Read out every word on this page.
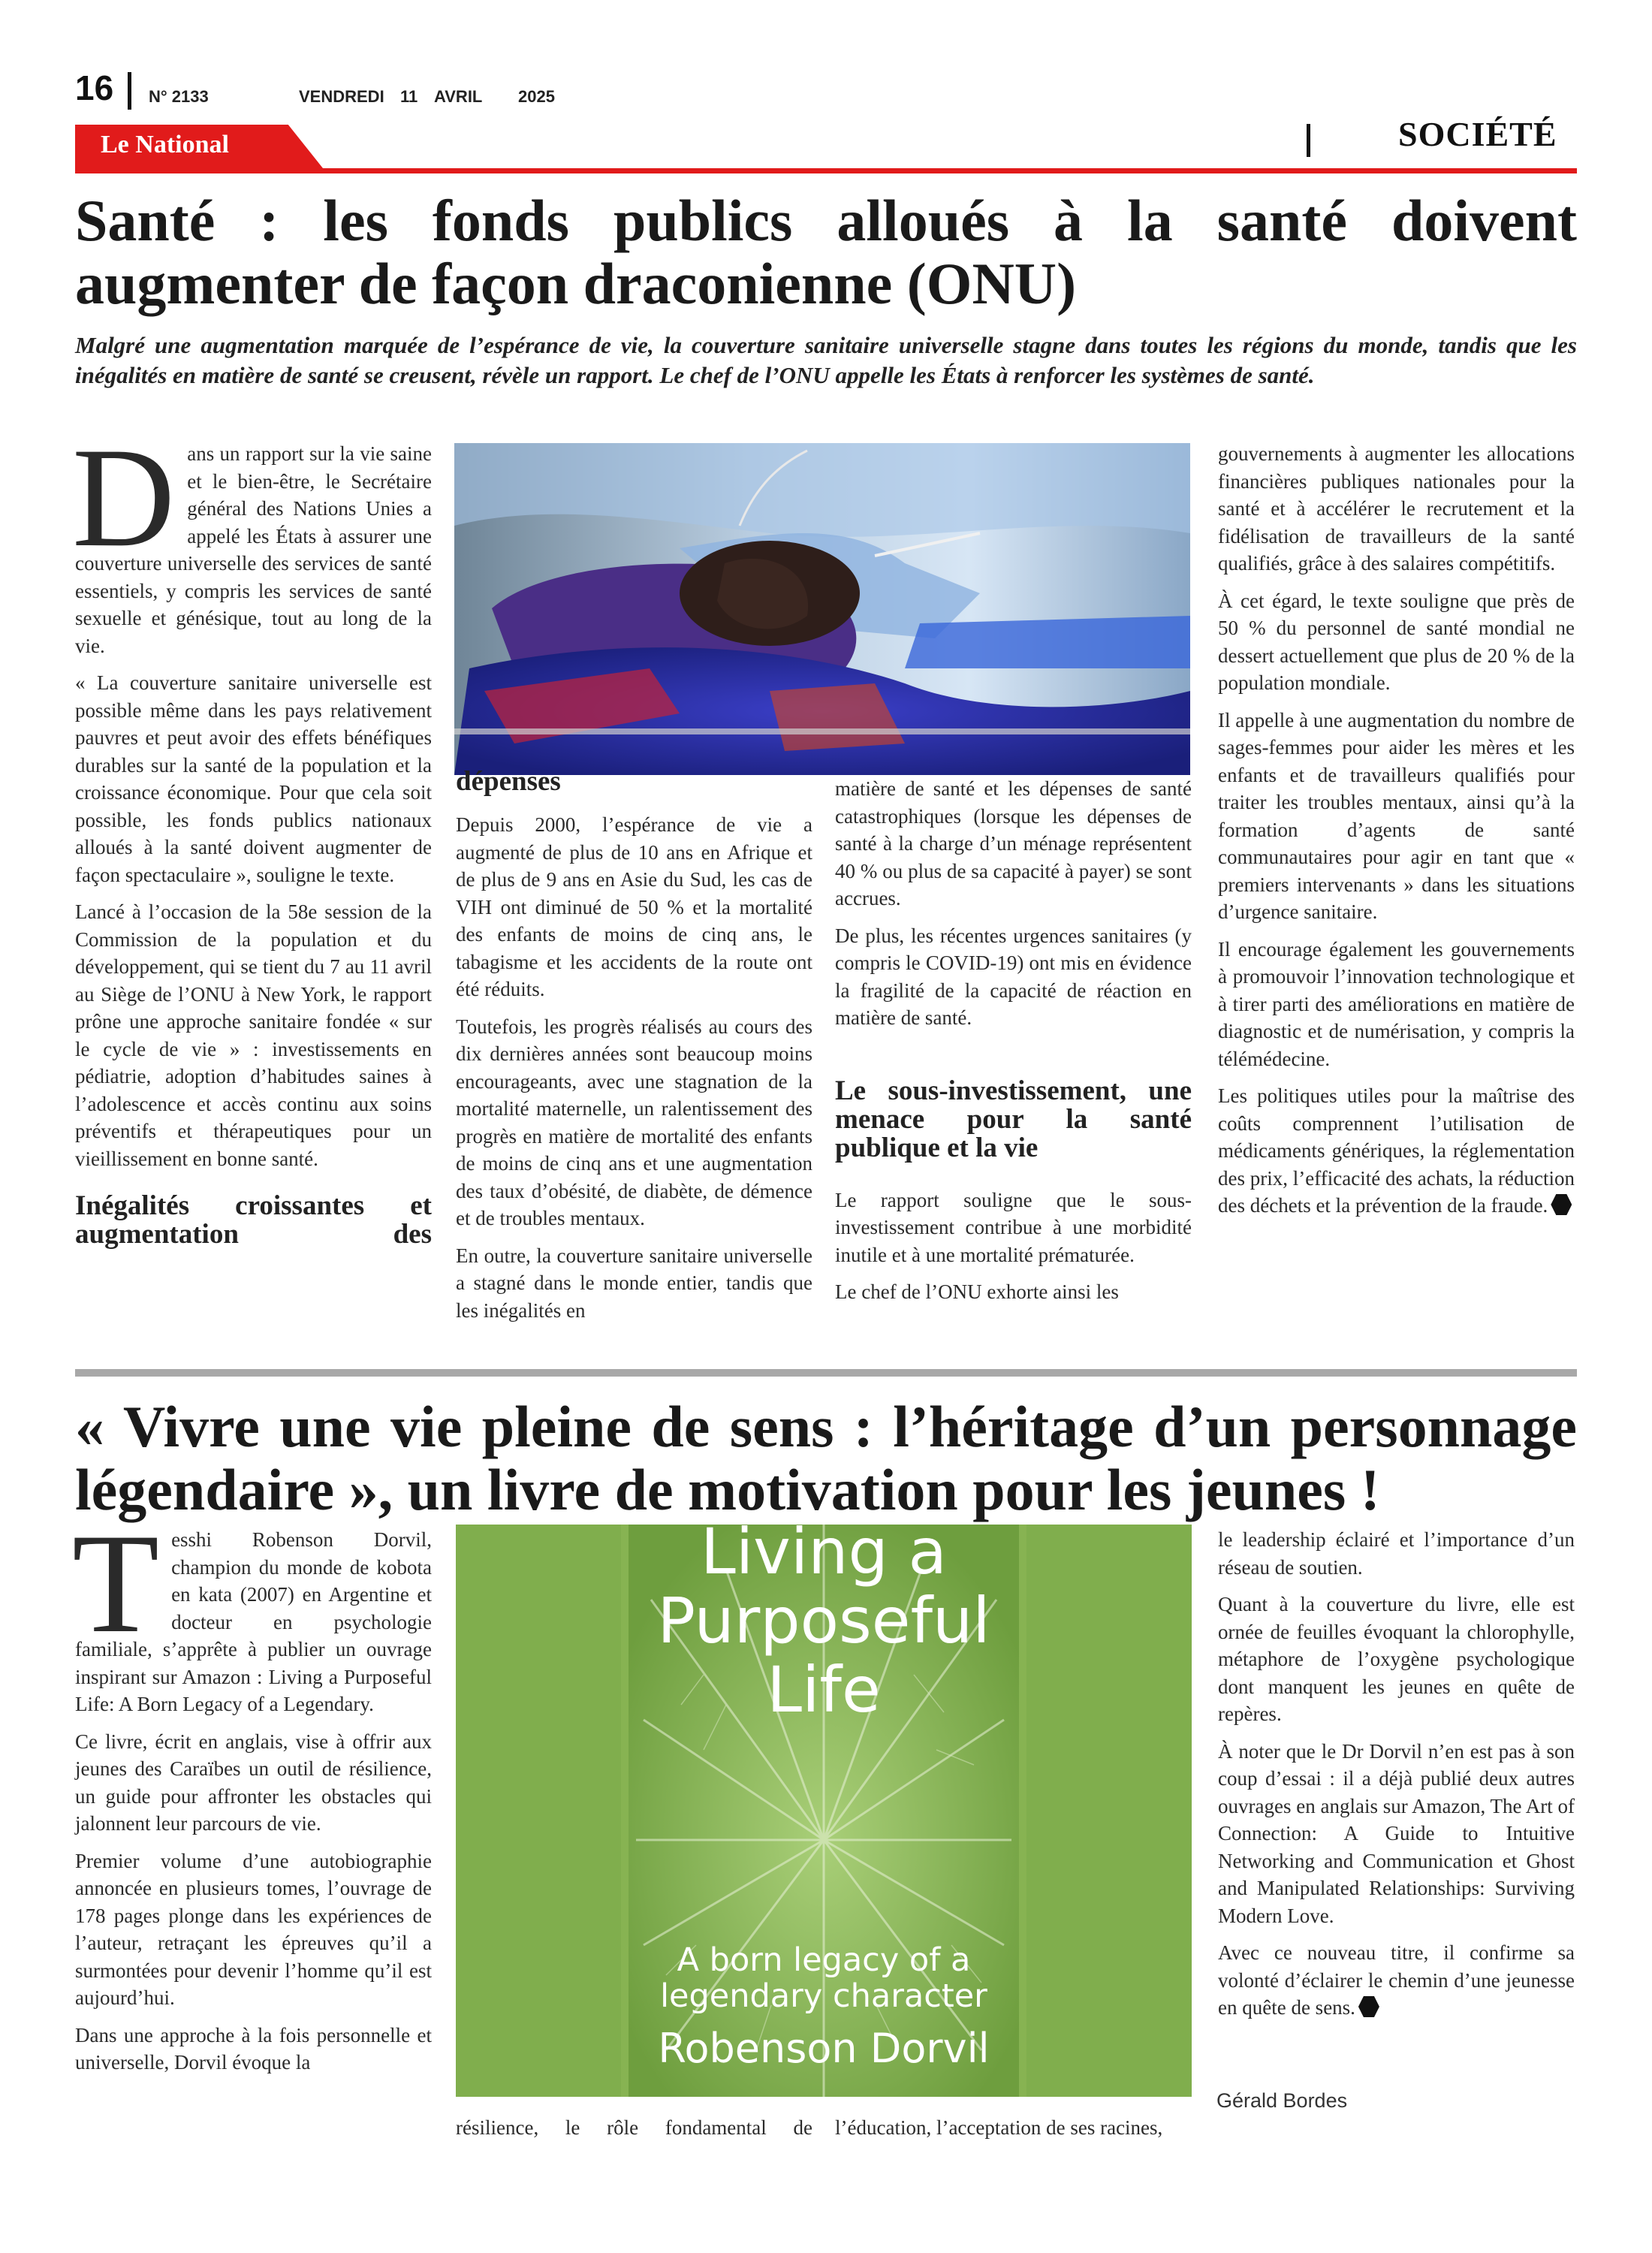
16 N° 2133	VENDREDI 11 AVRIL 2025
Le National	SOCIÉTÉ
Santé : les fonds publics alloués à la santé doivent augmenter de façon draconienne (ONU)
Malgré une augmentation marquée de l’espérance de vie, la couverture sanitaire universelle stagne dans toutes les régions du monde, tandis que les inégalités en matière de santé se creusent, révèle un rapport. Le chef de l’ONU appelle les États à renforcer les systèmes de santé.

Dans un rapport sur la vie saine et le bien-être, le Secrétaire général des Nations Unies a appelé les États à assurer une couverture universelle des services de santé essentiels, y compris les services de santé sexuelle et génésique, tout au long de la vie.

« La couverture sanitaire universelle est possible même dans les pays relativement pauvres et peut avoir des effets bénéfiques durables sur la santé de la population et la croissance économique. Pour que cela soit possible, les fonds publics nationaux alloués à la santé doivent augmenter de façon spectaculaire », souligne le texte.

Lancé à l’occasion de la 58e session de la Commission de la population et du développement, qui se tient du 7 au 11 avril au Siège de l’ONU à New York, le rapport prône une approche sanitaire fondée « sur le cycle de vie » : investissements en pédiatrie, adoption d’habitudes saines à l’adolescence et accès continu aux soins préventifs et thérapeutiques pour un vieillissement en bonne santé.

Inégalités croissantes et augmentation des
dépenses

Depuis 2000, l’espérance de vie a augmenté de plus de 10 ans en Afrique et de plus de 9 ans en Asie du Sud, les cas de VIH ont diminué de 50 % et la mortalité des enfants de moins de cinq ans, le tabagisme et les accidents de la route ont été réduits.

Toutefois, les progrès réalisés au cours des dix dernières années sont beaucoup moins encourageants, avec une stagnation de la mortalité maternelle, un ralentissement des progrès en matière de mortalité des enfants de moins de cinq ans et une augmentation des taux d’obésité, de diabète, de démence et de troubles mentaux.

En outre, la couverture sanitaire universelle a stagné dans le monde entier, tandis que les inégalités en

matière de santé et les dépenses de santé catastrophiques (lorsque les dépenses de santé à la charge d’un ménage représentent 40 % ou plus de sa capacité à payer) se sont accrues.

De plus, les récentes urgences sanitaires (y compris le COVID-19) ont mis en évidence la fragilité de la capacité de réaction en matière de santé.

Le sous-investissement, une menace pour la santé publique et la vie

Le rapport souligne que le sous-investissement contribue à une morbidité inutile et à une mortalité prématurée.

Le chef de l’ONU exhorte ainsi les

gouvernements à augmenter les allocations financières publiques nationales pour la santé et à accélérer le recrutement et la fidélisation de travailleurs de la santé qualifiés, grâce à des salaires compétitifs.

À cet égard, le texte souligne que près de 50 % du personnel de santé mondial ne dessert actuellement que plus de 20 % de la population mondiale.

Il appelle à une augmentation du nombre de sages-femmes pour aider les mères et les enfants et de travailleurs qualifiés pour traiter les troubles mentaux, ainsi qu’à la formation d’agents de santé communautaires pour agir en tant que « premiers intervenants » dans les situations d’urgence sanitaire.

Il encourage également les gouvernements à promouvoir l’innovation technologique et à tirer parti des améliorations en matière de diagnostic et de numérisation, y compris la télémédecine.

Les politiques utiles pour la maîtrise des coûts comprennent l’utilisation de médicaments génériques, la réglementation des prix, l’efficacité des achats, la réduction des déchets et la prévention de la fraude.

« Vivre une vie pleine de sens : l’héritage d’un personnage légendaire », un livre de motivation pour les jeunes !

Tesshi Robenson Dorvil, champion du monde de kobota en kata (2007) en Argentine et docteur en psychologie familiale, s’apprête à publier un ouvrage inspirant sur Amazon : Living a Purposeful Life: A Born Legacy of a Legendary.

Ce livre, écrit en anglais, vise à offrir aux jeunes des Caraïbes un outil de résilience, un guide pour affronter les obstacles qui jalonnent leur parcours de vie.

Premier volume d’une autobiographie annoncée en plusieurs tomes, l’ouvrage de 178 pages plonge dans les expériences de l’auteur, retraçant les épreuves qu’il a surmontées pour devenir l’homme qu’il est aujourd’hui.

Dans une approche à la fois personnelle et universelle, Dorvil évoque la

Living a
Purposeful
Life
A born legacy of a
legendary character
Robenson Dorvil
résilience, le rôle fondamental de l’éducation, l’acceptation de ses racines,

le leadership éclairé et l’importance d’un réseau de soutien.

Quant à la couverture du livre, elle est ornée de feuilles évoquant la chlorophylle, métaphore de l’oxygène psychologique dont manquent les jeunes en quête de repères.

À noter que le Dr Dorvil n’en est pas à son coup d’essai : il a déjà publié deux autres ouvrages en anglais sur Amazon, The Art of Connection: A Guide to Intuitive Networking and Communication et Ghost and Manipulated Relationships: Surviving Modern Love.

Avec ce nouveau titre, il confirme sa volonté d’éclairer le chemin d’une jeunesse en quête de sens.

Gérald Bordes
